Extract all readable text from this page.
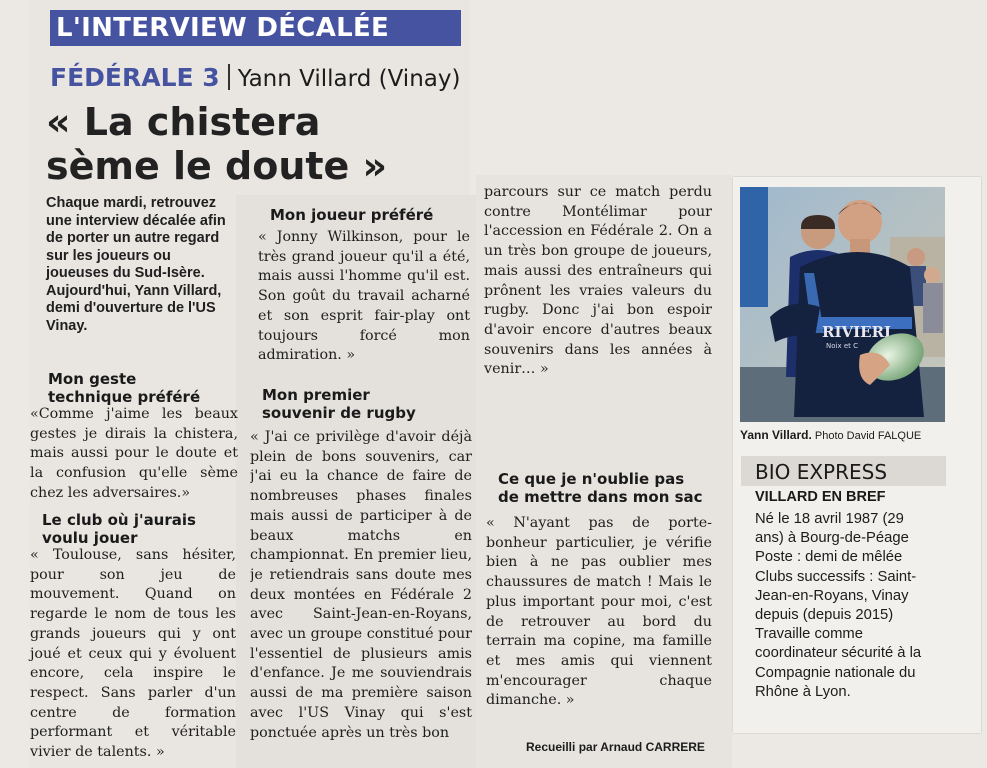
L'INTERVIEW DÉCALÉE
FÉDÉRALE 3 Yann Villard (Vinay)
« La chistera
sème le doute »
Chaque mardi, retrouvez une interview décalée afin de porter un autre regard sur les joueurs ou joueuses du Sud-Isère. Aujourd'hui, Yann Villard, demi d'ouverture de l'US Vinay.
Mon geste
technique préféré
«Comme j'aime les beaux gestes je dirais la chistera, mais aussi pour le doute et la confusion qu'elle sème chez les adversaires.»
Le club où j'aurais
voulu jouer
« Toulouse, sans hésiter, pour son jeu de mouvement. Quand on regarde le nom de tous les grands joueurs qui y ont joué et ceux qui y évoluent encore, cela inspire le respect. Sans parler d'un centre de formation performant et véritable vivier de talents. »
Mon joueur préféré
« Jonny Wilkinson, pour le très grand joueur qu'il a été, mais aussi l'homme qu'il est. Son goût du travail acharné et son esprit fair-play ont toujours forcé mon admiration. »
Mon premier
souvenir de rugby
« J'ai ce privilège d'avoir déjà plein de bons souvenirs, car j'ai eu la chance de faire de nombreuses phases finales mais aussi de participer à de beaux matchs en championnat. En premier lieu, je retiendrais sans doute mes deux montées en Fédérale 2 avec Saint-Jean-en-Royans, avec un groupe constitué pour l'essentiel de plusieurs amis d'enfance. Je me souviendrais aussi de ma première saison avec l'US Vinay qui s'est ponctuée après un très bon
parcours sur ce match perdu contre Montélimar pour l'accession en Fédérale 2. On a un très bon groupe de joueurs, mais aussi des entraîneurs qui prônent les vraies valeurs du rugby. Donc j'ai bon espoir d'avoir encore d'autres beaux souvenirs dans les années à venir… »
Ce que je n'oublie pas
de mettre dans mon sac
« N'ayant pas de porte-bonheur particulier, je vérifie bien à ne pas oublier mes chaussures de match ! Mais le plus important pour moi, c'est de retrouver au bord du terrain ma copine, ma famille et mes amis qui viennent m'encourager chaque dimanche. »
Recueilli par Arnaud CARRERE
RIVIERI
Noix et C
Yann Villard. Photo David FALQUE
BIO EXPRESS
VILLARD EN BREF
Né le 18 avril 1987 (29
ans) à Bourg-de-Péage
Poste : demi de mêlée
Clubs successifs : Saint-
Jean-en-Royans, Vinay
depuis (depuis 2015)
Travaille comme
coordinateur sécurité à la
Compagnie nationale du
Rhône à Lyon.
